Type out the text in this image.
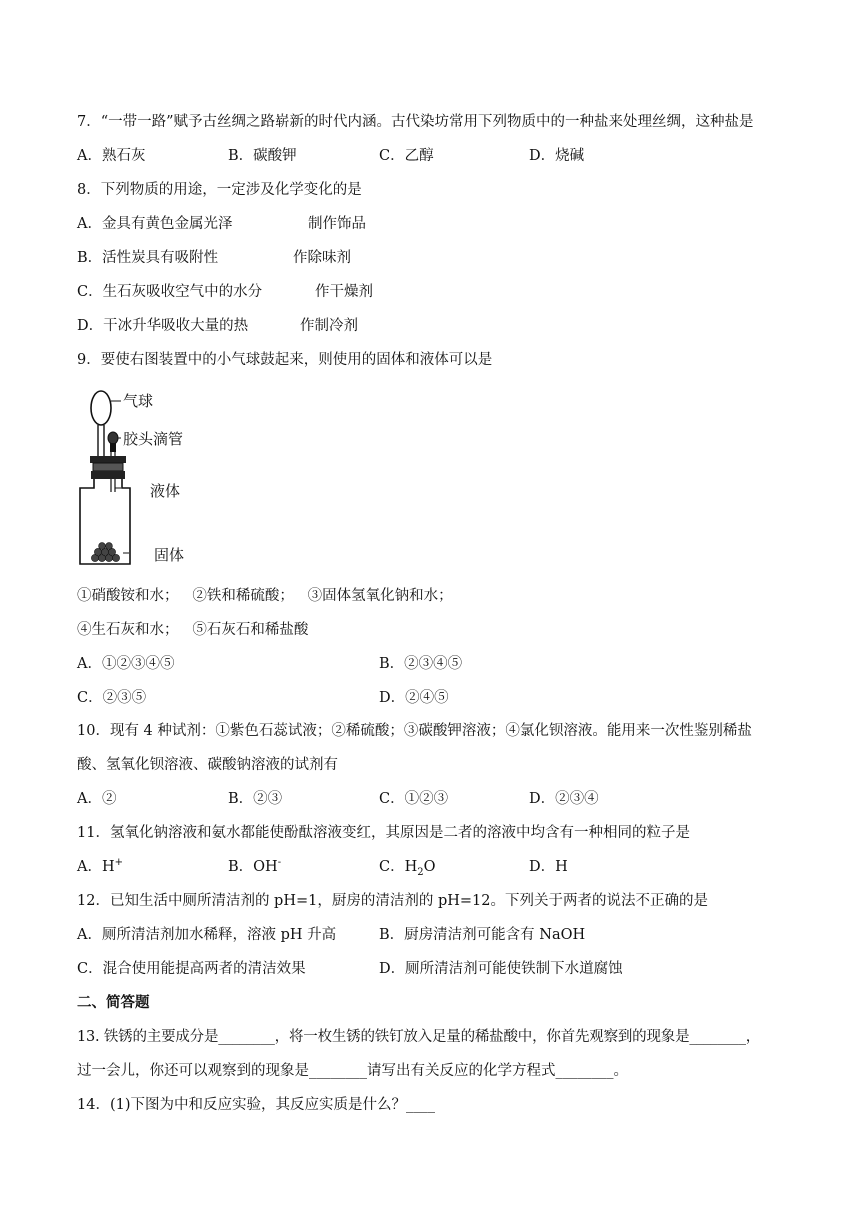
7．“一带一路”赋予古丝绸之路崭新的时代内涵。古代染坊常用下列物质中的一种盐来处理丝绸，这种盐是
A．熟石灰	B．碳酸钾	C．乙醇	D．烧碱
8．下列物质的用途，一定涉及化学变化的是
A．金具有黄色金属光泽	制作饰品
B．活性炭具有吸附性	作除味剂
C．生石灰吸收空气中的水分	作干燥剂
D．干冰升华吸收大量的热	作制冷剂
9．要使右图装置中的小气球鼓起来，则使用的固体和液体可以是
气球
胶头滴管
液体
固体
①硝酸铵和水；   ②铁和稀硫酸；   ③固体氢氧化钠和水；
④生石灰和水；   ⑤石灰石和稀盐酸
A．①②③④⑤	B．②③④⑤
C．②③⑤	D．②④⑤
10．现有 4 种试剂：①紫色石蕊试液；②稀硫酸；③碳酸钾溶液；④氯化钡溶液。能用来一次性鉴别稀盐
酸、氢氧化钡溶液、碳酸钠溶液的试剂有
A．②	B．②③	C．①②③	D．②③④
11．氢氧化钠溶液和氨水都能使酚酞溶液变红，其原因是二者的溶液中均含有一种相同的粒子是
A．H+	B．OH-	C．$H_2O$	D．H
12．已知生活中厕所清洁剂的 pH=1，厨房的清洁剂的 pH=12。下列关于两者的说法不正确的是
A．厕所清洁剂加水稀释，溶液 pH 升高	B．厨房清洁剂可能含有 NaOH
C．混合使用能提高两者的清洁效果	D．厕所清洁剂可能使铁制下水道腐蚀
二、简答题
13. 铁锈的主要成分是________，将一枚生锈的铁钉放入足量的稀盐酸中，你首先观察到的现象是________，
过一会儿，你还可以观察到的现象是________请写出有关反应的化学方程式________。
14．(1)下图为中和反应实验，其反应实质是什么？____
